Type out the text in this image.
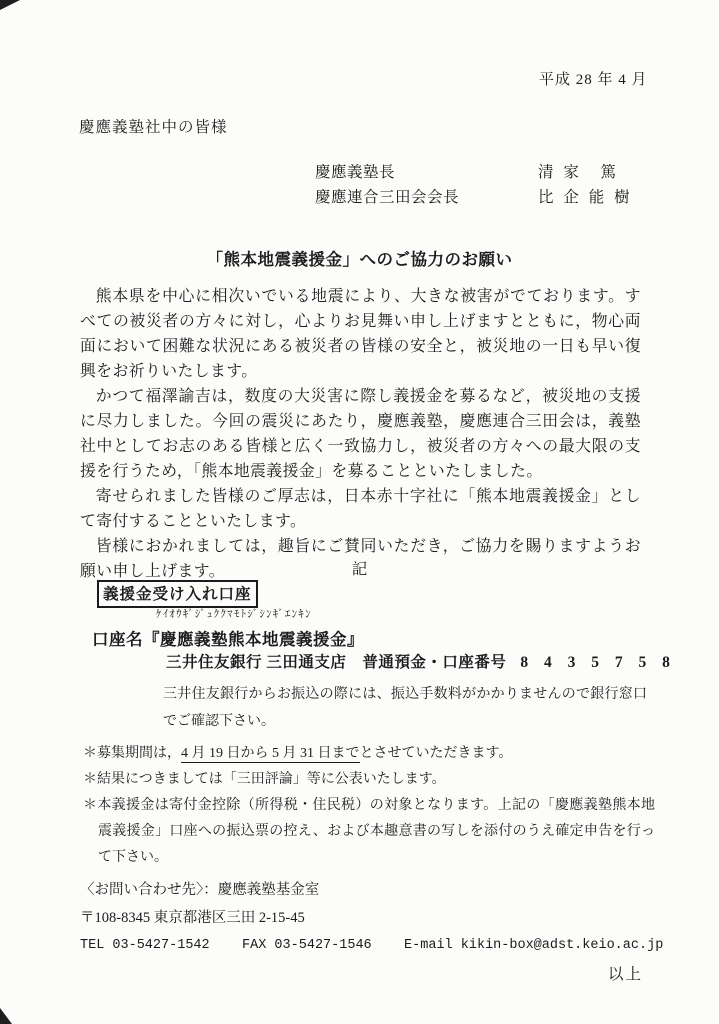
平成 28 年 4 月
慶應義塾社中の皆様
慶應義塾長	清 家　篤
慶應連合三田会会長	比 企 能 樹
「熊本地震義援金」へのご協力のお願い

熊本県を中心に相次いでいる地震により、大きな被害がでております。すべての被災者の方々に対し，心よりお見舞い申し上げますとともに，物心両面において困難な状況にある被災者の皆様の安全と，被災地の一日も早い復興をお祈りいたします。

かつて福澤諭吉は，数度の大災害に際し義援金を募るなど，被災地の支援に尽力しました。今回の震災にあたり，慶應義塾，慶應連合三田会は，義塾社中としてお志のある皆様と広く一致協力し，被災者の方々への最大限の支援を行うため，「熊本地震義援金」を募ることといたしました。

寄せられました皆様のご厚志は，日本赤十字社に「熊本地震義援金」として寄付することといたします。

皆様におかれましては，趣旨にご賛同いただき，ご協力を賜りますようお願い申し上げます。	記
義援金受け入れ口座
ｹｲｵｳｷﾞｼﾞｭｸｸﾏﾓﾄｼﾞｼﾝｷﾞｴﾝｷﾝ
口座名『慶應義塾熊本地震義援金』
三井住友銀行 三田通支店　普通預金・口座番号 8 4 3 5 7 5 8
三井住友銀行からお振込の際には、振込手数料がかかりませんので銀行窓口でご確認下さい。

＊募集期間は，4 月 19 日から 5 月 31 日までとさせていただきます。

＊結果につきましては「三田評論」等に公表いたします。

＊本義援金は寄付金控除（所得税・住民税）の対象となります。上記の「慶應義塾熊本地震義援金」口座への振込票の控え、および本趣意書の写しを添付のうえ確定申告を行って下さい。

〈お問い合わせ先〉：慶應義塾基金室
〒108-8345 東京都港区三田 2-15-45
TEL 03-5427-1542    FAX 03-5427-1546    E-mail kikin-box@adst.keio.ac.jp
以上
